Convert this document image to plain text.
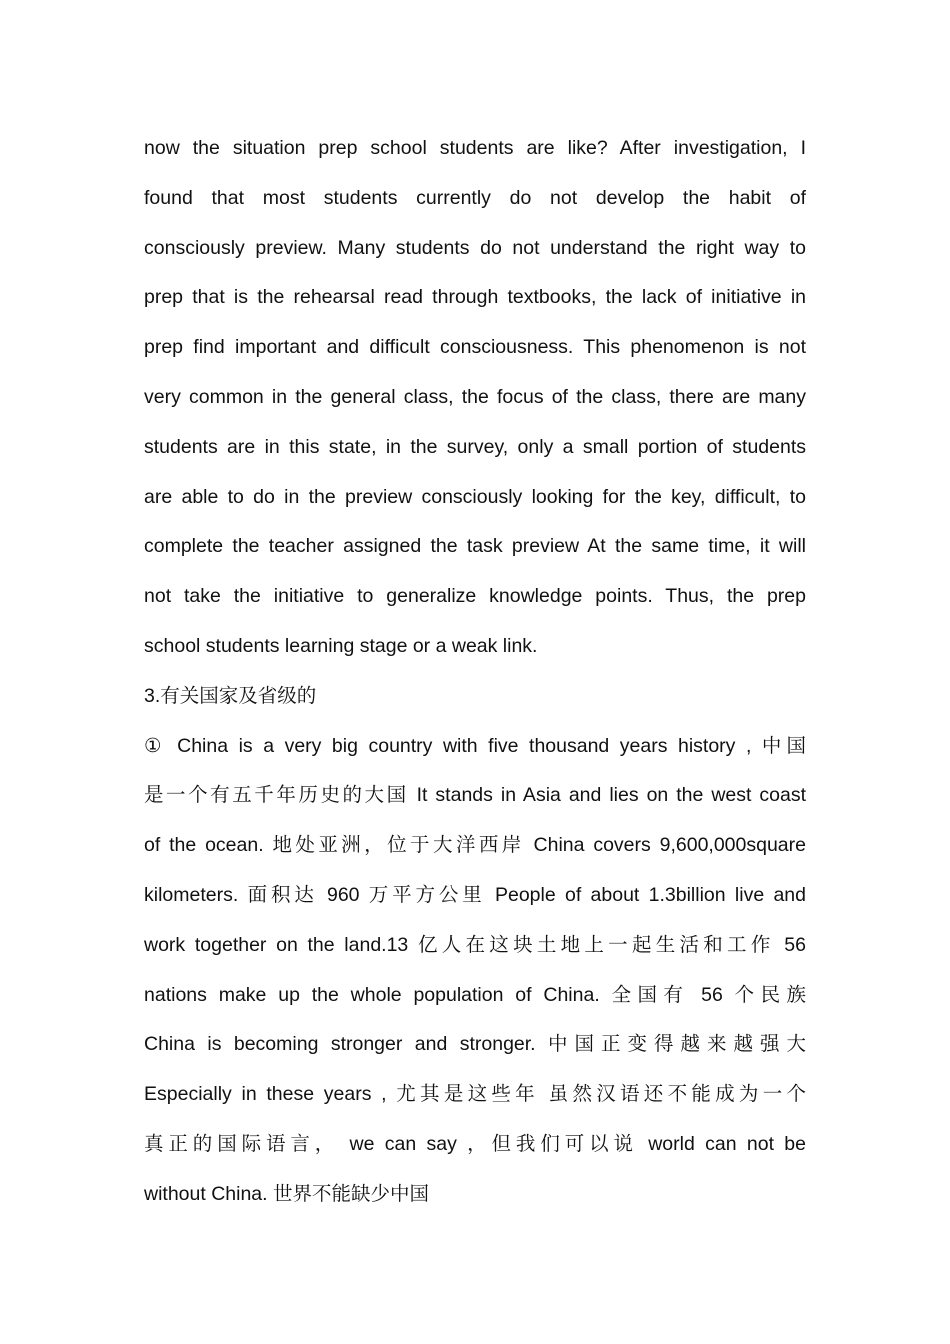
now the situation prep school students are like? After investigation, I
found that most students currently do not develop the habit of
consciously preview. Many students do not understand the right way to
prep that is the rehearsal read through textbooks, the lack of initiative in
prep find important and difficult consciousness. This phenomenon is not
very common in the general class, the focus of the class, there are many
students are in this state, in the survey, only a small portion of students
are able to do in the preview consciously looking for the key, difficult, to
complete the teacher assigned the task preview At the same time, it will
not take the initiative to generalize knowledge points. Thus, the prep
school students learning stage or a weak link.
3.有关国家及省级的
① China is a very big country with five thousand years history , 中国
是一个有五千年历史的大国 It stands in Asia and lies on the west coast
of the ocean. 地处亚洲，位于大洋西岸 China covers 9,600,000square
kilometers. 面积达 960 万平方公里 People of about 1.3billion live and
work together on the land.13 亿人在这块土地上一起生活和工作 56
nations make up the whole population of China. 全国有 56 个民族
China is becoming stronger and stronger. 中国正变得越来越强大
Especially in these years , 尤其是这些年 虽然汉语还不能成为一个
真正的国际语言， we can say ，但我们可以说 world can not be
without China. 世界不能缺少中国
